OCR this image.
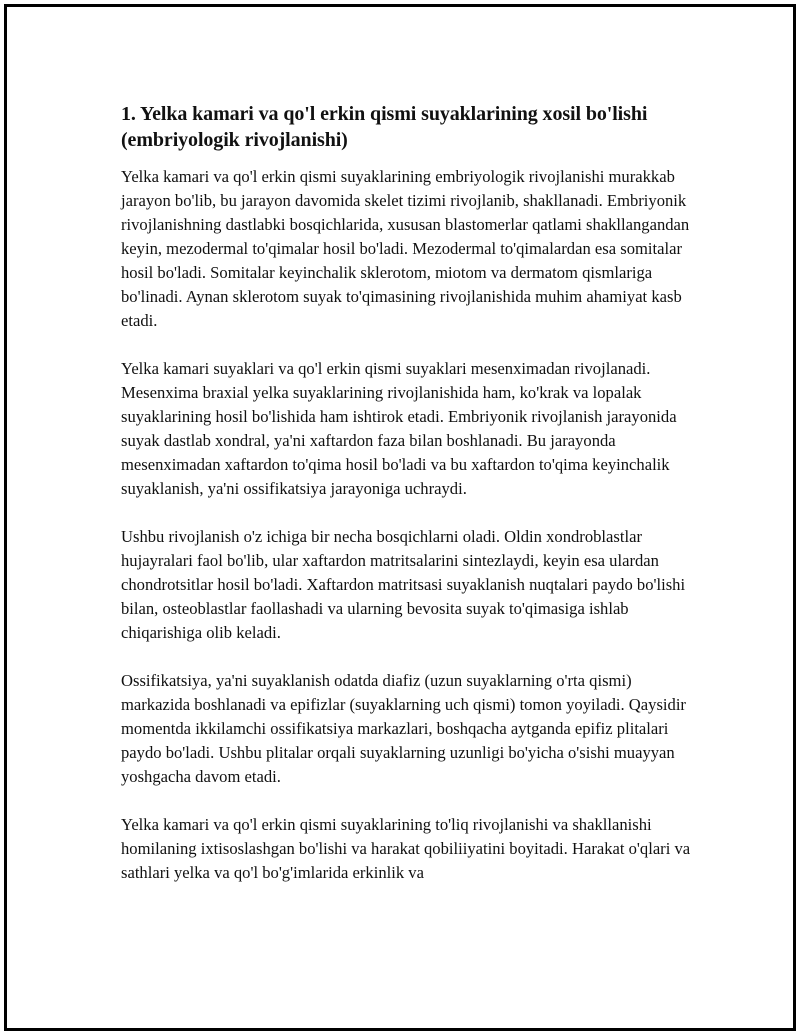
1. Yelka kamari va qo'l erkin qismi suyaklarining xosil bo'lishi (embriyologik rivojlanishi)

Yelka kamari va qo'l erkin qismi suyaklarining embriyologik rivojlanishi murakkab jarayon bo'lib, bu jarayon davomida skelet tizimi rivojlanib, shakllanadi. Embriyonik rivojlanishning dastlabki bosqichlarida, xususan blastomerlar qatlami shakllangandan keyin, mezodermal to'qimalar hosil bo'ladi. Mezodermal to'qimalardan esa somitalar hosil bo'ladi. Somitalar keyinchalik sklerotom, miotom va dermatom qismlariga bo'linadi. Aynan sklerotom suyak to'qimasining rivojlanishida muhim ahamiyat kasb etadi.

Yelka kamari suyaklari va qo'l erkin qismi suyaklari mesenximadan rivojlanadi. Mesenxima braxial yelka suyaklarining rivojlanishida ham, ko'krak va lopalak suyaklarining hosil bo'lishida ham ishtirok etadi. Embriyonik rivojlanish jarayonida suyak dastlab xondral, ya'ni xaftardon faza bilan boshlanadi. Bu jarayonda mesenximadan xaftardon to'qima hosil bo'ladi va bu xaftardon to'qima keyinchalik suyaklanish, ya'ni ossifikatsiya jarayoniga uchraydi.

Ushbu rivojlanish o'z ichiga bir necha bosqichlarni oladi. Oldin xondroblastlar hujayralari faol bo'lib, ular xaftardon matritsalarini sintezlaydi, keyin esa ulardan chondrotsitlar hosil bo'ladi. Xaftardon matritsasi suyaklanish nuqtalari paydo bo'lishi bilan, osteoblastlar faollashadi va ularning bevosita suyak to'qimasiga ishlab chiqarishiga olib keladi.

Ossifikatsiya, ya'ni suyaklanish odatda diafiz (uzun suyaklarning o'rta qismi) markazida boshlanadi va epifizlar (suyaklarning uch qismi) tomon yoyiladi. Qaysidir momentda ikkilamchi ossifikatsiya markazlari, boshqacha aytganda epifiz plitalari paydo bo'ladi. Ushbu plitalar orqali suyaklarning uzunligi bo'yicha o'sishi muayyan yoshgacha davom etadi.

Yelka kamari va qo'l erkin qismi suyaklarining to'liq rivojlanishi va shakllanishi homilaning ixtisoslashgan bo'lishi va harakat qobiliiyatini boyitadi. Harakat o'qlari va sathlari yelka va qo'l bo'g'imlarida erkinlik va
